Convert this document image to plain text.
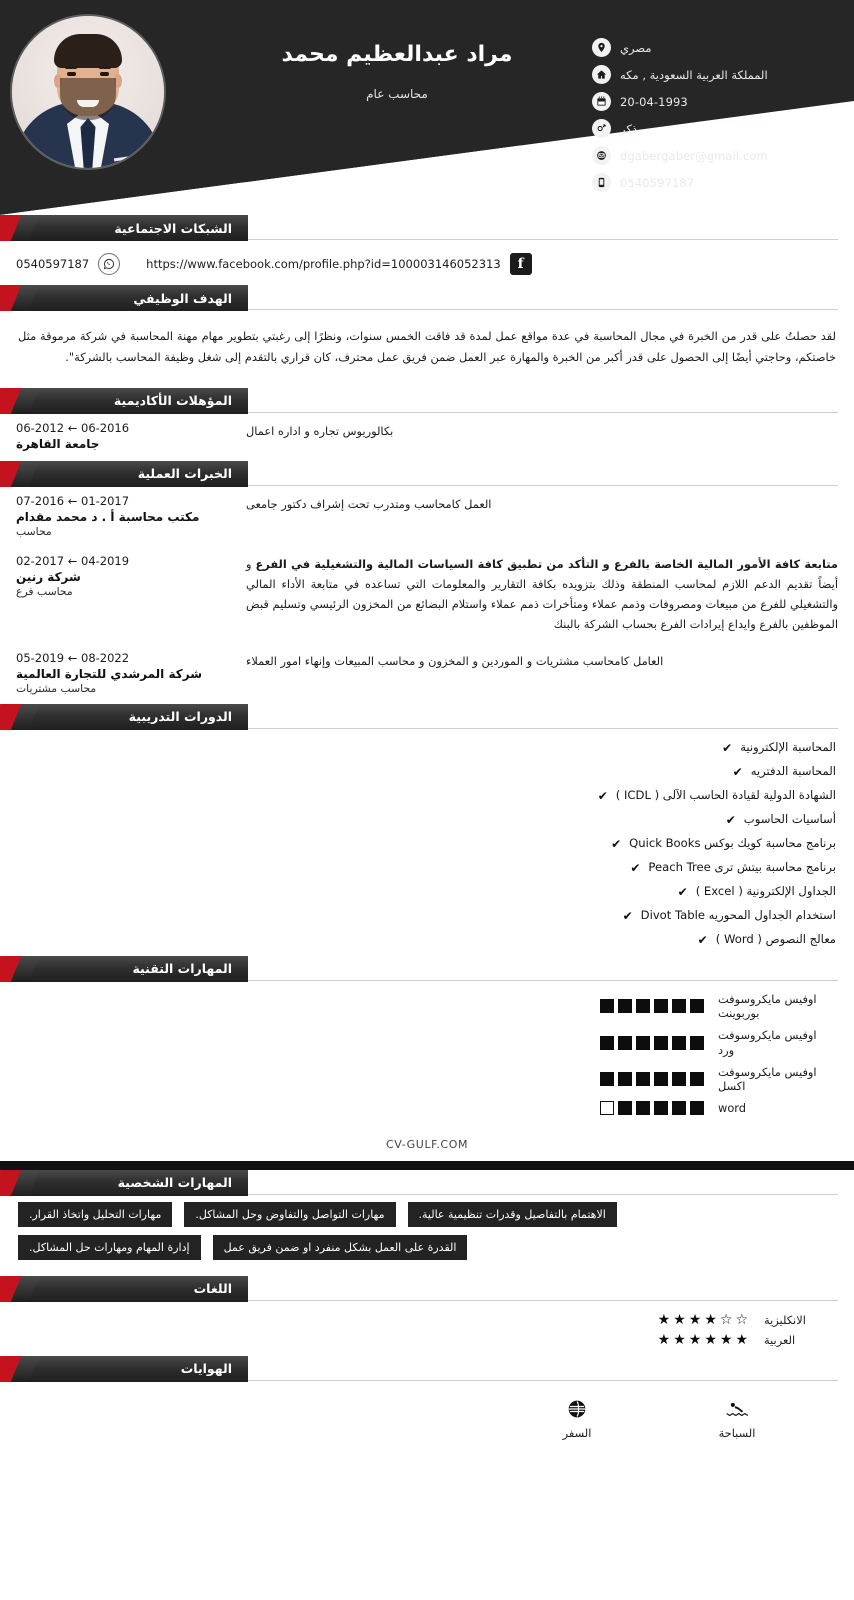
مصري
المملكة العربية السعودية , مكه
20-04-1993
ذكر
dgabergaber@gmail.com
0540597187
مراد عبدالعظيم محمد
محاسب عام
الشبكات الاجتماعية
https://www.facebook.com/profile.php?id=100003146052313	f
0540597187
الهدف الوظيفي

لقد حصلتُ على قدر من الخبرة في مجال المحاسبة في عدة مواقع عمل لمدة قد فاقت الخمس سنوات، ونظرًا إلى رغبتي بتطوير مهام مهنة المحاسبة في شركة مرموقة مثل خاصتكم، وحاجتي أيضًا إلى الحصول على قدر أكبر من الخبرة والمهارة عبر العمل ضمن فريق عمل محترف، كان قراري بالتقدم إلى شغل وظيفة المحاسب بالشركة".

المؤهلات الأكاديمية
بكالوريوس تجاره و اداره اعمال
06-2012 ← 06-2016
جامعة القاهرة
الخبرات العملية
العمل كامحاسب ومتدرب تحت إشراف دكتور جامعى
07-2016 ← 01-2017
مكتب محاسبة أ . د محمد مقدام
محاسب
متابعة كافة الأمور المالية الخاصة بالفرع و التأكد من تطبيق كافة السياسات المالية والتشغيلية في الفرع و أيضاً تقديم الدعم اللازم لمحاسب المنطقة وذلك بتزويده بكافة التقارير والمعلومات التي تساعده في متابعة الأداء المالي والتشغيلي للفرع من مبيعات ومصروفات وذمم عملاء ومتأخرات ذمم عملاء واستلام البضائع من المخزون الرئيسي وتسليم قبض الموظفين بالفرع وايداع إيرادات الفرع بحساب الشركة بالبنك
02-2017 ← 04-2019
شركة رنين
محاسب فرع
العامل كامحاسب مشتريات و الموردين و المخزون و محاسب المبيعات وإنهاء امور العملاء
05-2019 ← 08-2022
شركة المرشدي للتجارة العالمية
محاسب مشتريات
الدورات التدريبية
المحاسبة الإلكترونية
✔
المحاسبة الدفتريه
✔
الشهادة الدولية لقيادة الحاسب الآلى ( ICDL )
✔
أساسيات الحاسوب
✔
برنامج محاسبة كويك بوكس Quick Books
✔
برنامج محاسبة بيتش ترى Peach Tree
✔
الجداول الإلكترونية ( Excel )
✔
استخدام الجداول المحوريه Divot Table
✔
معالج النصوص ( Word )
✔
المهارات التقنية
اوفيس مايكروسوفت بوربوينت
اوفيس مايكروسوفت ورد
اوفيس مايكروسوفت اكسل
word
CV-GULF.COM
المهارات الشخصية
الاهتمام بالتفاصيل وقدرات تنظيمية عالية.
مهارات التواصل والتفاوض وحل المشاكل.
مهارات التحليل واتخاذ القرار.
القدرة على العمل بشكل منفرد او ضمن فريق عمل
إدارة المهام ومهارات حل المشاكل.
اللغات
الانكليزية
★ ★ ★ ★ ☆ ☆
العربية
★ ★ ★ ★ ★ ★
الهوايات
السباحة
السفر
